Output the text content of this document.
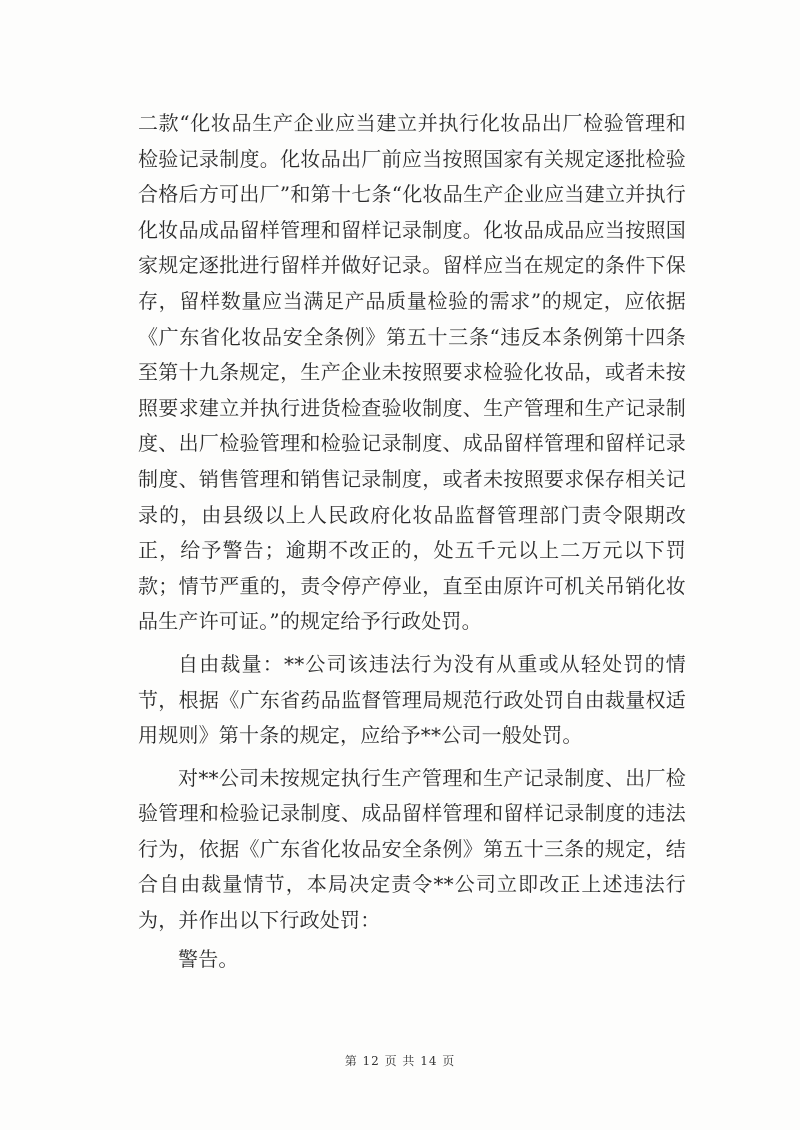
二款“化妆品生产企业应当建立并执行化妆品出厂检验管理和检验记录制度。化妆品出厂前应当按照国家有关规定逐批检验合格后方可出厂”和第十七条“化妆品生产企业应当建立并执行化妆品成品留样管理和留样记录制度。化妆品成品应当按照国家规定逐批进行留样并做好记录。留样应当在规定的条件下保存，留样数量应当满足产品质量检验的需求”的规定，应依据《广东省化妆品安全条例》第五十三条“违反本条例第十四条至第十九条规定，生产企业未按照要求检验化妆品，或者未按照要求建立并执行进货检查验收制度、生产管理和生产记录制度、出厂检验管理和检验记录制度、成品留样管理和留样记录制度、销售管理和销售记录制度，或者未按照要求保存相关记录的，由县级以上人民政府化妆品监督管理部门责令限期改正，给予警告；逾期不改正的，处五千元以上二万元以下罚款；情节严重的，责令停产停业，直至由原许可机关吊销化妆品生产许可证。”的规定给予行政处罚。

自由裁量：**公司该违法行为没有从重或从轻处罚的情节，根据《广东省药品监督管理局规范行政处罚自由裁量权适用规则》第十条的规定，应给予**公司一般处罚。

对**公司未按规定执行生产管理和生产记录制度、出厂检验管理和检验记录制度、成品留样管理和留样记录制度的违法行为，依据《广东省化妆品安全条例》第五十三条的规定，结合自由裁量情节，本局决定责令**公司立即改正上述违法行为，并作出以下行政处罚：

警告。

第 12 页 共 14 页
